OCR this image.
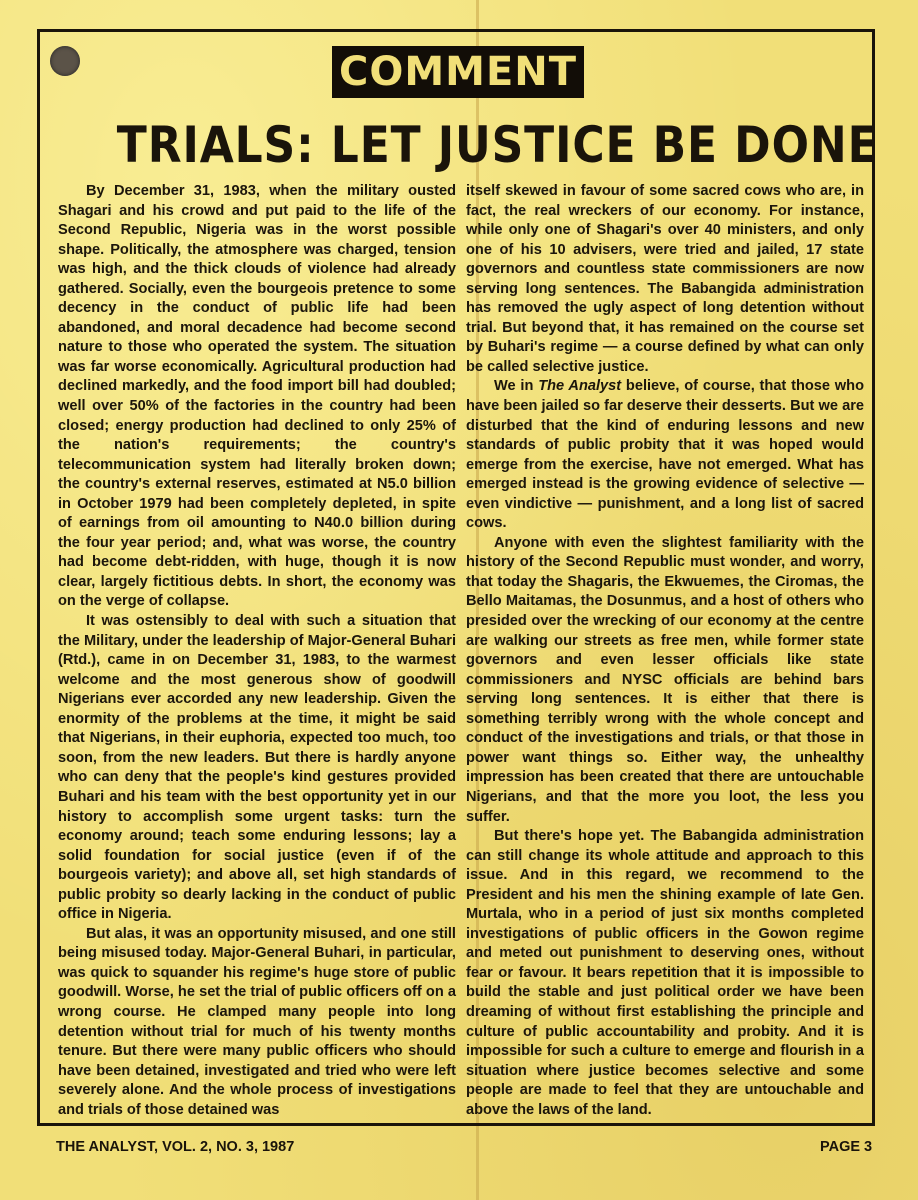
COMMENT
TRIALS: LET JUSTICE BE DONE

By December 31, 1983, when the military ousted Shagari and his crowd and put paid to the life of the Second Republic, Nigeria was in the worst possible shape. Politically, the atmosphere was charged, tension was high, and the thick clouds of violence had already gathered. Socially, even the bourgeois pretence to some decency in the conduct of public life had been abandoned, and moral decadence had become second nature to those who operated the system. The situation was far worse economically. Agricultural production had declined markedly, and the food import bill had doubled; well over 50% of the factories in the country had been closed; energy production had declined to only 25% of the nation's requirements; the country's telecommunication system had literally broken down; the country's external reserves, estimated at N5.0 billion in October 1979 had been completely depleted, in spite of earnings from oil amounting to N40.0 billion during the four year period; and, what was worse, the country had become debt-ridden, with huge, though it is now clear, largely fictitious debts. In short, the economy was on the verge of collapse.

It was ostensibly to deal with such a situation that the Military, under the leadership of Major-General Buhari (Rtd.), came in on December 31, 1983, to the warmest welcome and the most generous show of goodwill Nigerians ever accorded any new leadership. Given the enormity of the problems at the time, it might be said that Nigerians, in their euphoria, expected too much, too soon, from the new leaders. But there is hardly anyone who can deny that the people's kind gestures provided Buhari and his team with the best opportunity yet in our history to accomplish some urgent tasks: turn the economy around; teach some enduring lessons; lay a solid foundation for social justice (even if of the bourgeois variety); and above all, set high standards of public probity so dearly lacking in the conduct of public office in Nigeria.

But alas, it was an opportunity misused, and one still being misused today. Major-General Buhari, in particular, was quick to squander his regime's huge store of public goodwill. Worse, he set the trial of public officers off on a wrong course. He clamped many people into long detention without trial for much of his twenty months tenure. But there were many public officers who should have been detained, investigated and tried who were left severely alone. And the whole process of investigations and trials of those detained was

itself skewed in favour of some sacred cows who are, in fact, the real wreckers of our economy. For instance, while only one of Shagari's over 40 ministers, and only one of his 10 advisers, were tried and jailed, 17 state governors and countless state commissioners are now serving long sentences. The Babangida administration has removed the ugly aspect of long detention without trial. But beyond that, it has remained on the course set by Buhari's regime — a course defined by what can only be called selective justice.

We in The Analyst believe, of course, that those who have been jailed so far deserve their desserts. But we are disturbed that the kind of enduring lessons and new standards of public probity that it was hoped would emerge from the exercise, have not emerged. What has emerged instead is the growing evidence of selective — even vindictive — punishment, and a long list of sacred cows.

Anyone with even the slightest familiarity with the history of the Second Republic must wonder, and worry, that today the Shagaris, the Ekwuemes, the Ciromas, the Bello Maitamas, the Dosunmus, and a host of others who presided over the wrecking of our economy at the centre are walking our streets as free men, while former state governors and even lesser officials like state commissioners and NYSC officials are behind bars serving long sentences. It is either that there is something terribly wrong with the whole concept and conduct of the investigations and trials, or that those in power want things so. Either way, the unhealthy impression has been created that there are untouchable Nigerians, and that the more you loot, the less you suffer.

But there's hope yet. The Babangida administration can still change its whole attitude and approach to this issue. And in this regard, we recommend to the President and his men the shining example of late Gen. Murtala, who in a period of just six months completed investigations of public officers in the Gowon regime and meted out punishment to deserving ones, without fear or favour. It bears repetition that it is impossible to build the stable and just political order we have been dreaming of without first establishing the principle and culture of public accountability and probity. And it is impossible for such a culture to emerge and flourish in a situation where justice becomes selective and some people are made to feel that they are untouchable and above the laws of the land.

THE ANALYST, VOL. 2, NO. 3, 1987	PAGE 3
